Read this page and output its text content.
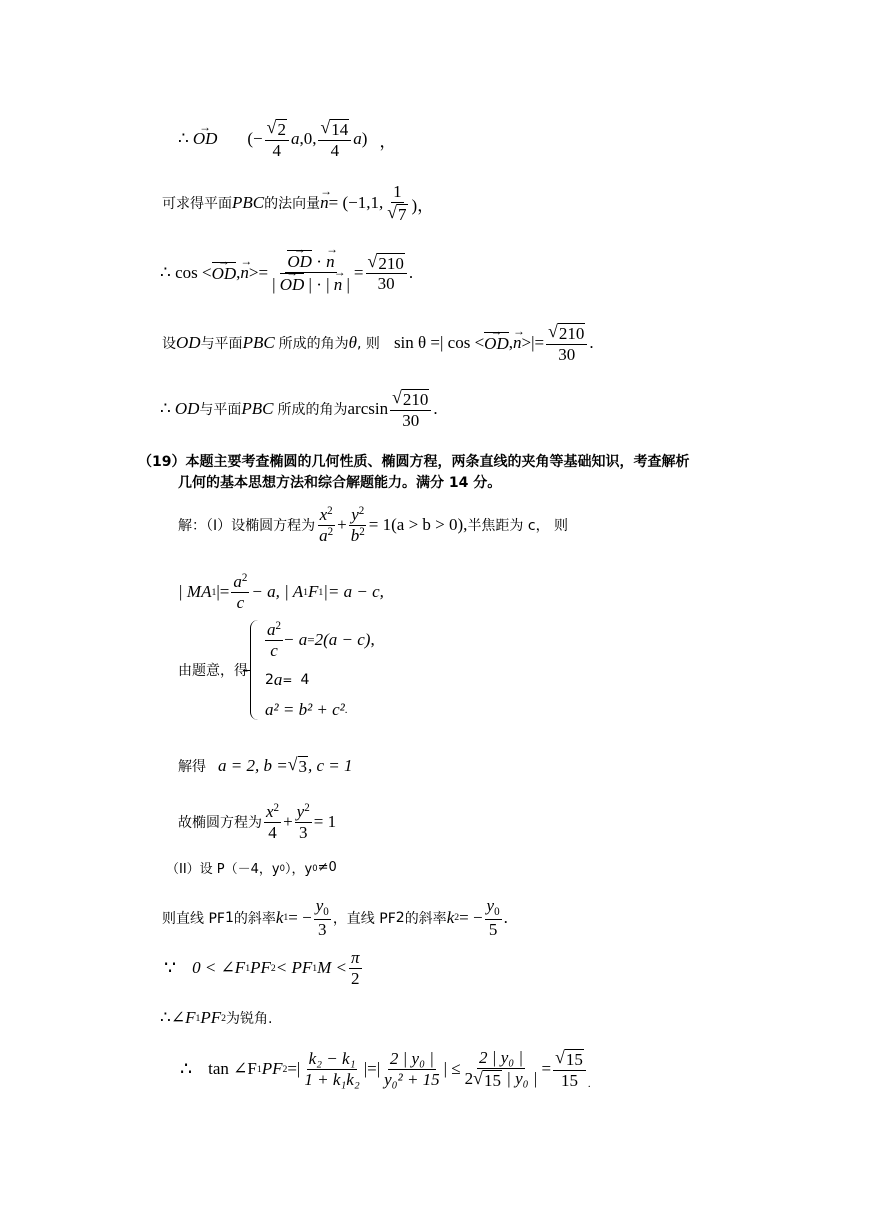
∴ → OD (− $\frac{√ 2}{4}$ a ,0, $\frac{√ 14}{4}$ a ) ，
可求得平面 PBC 的法向量 → n = (−1,1, $\frac{1}{√ 7}$ )，
∴ cos < → OD , → n >= → $\frac{OD \cdot \to n}{| \to OD | \cdot | \to n |} = \frac{√ 210}{30}$ .
设 OD 与平面 PBC 所成的角为 θ , 则 sin θ =| cos < → OD , → n >|= $\frac{√ 210}{30}$ .
∴ OD 与平面 PBC 所成的角为 $\arcsin \frac{√ 210}{30}$ .
（19）本题主要考查椭圆的几何性质、椭圆方程，两条直线的夹角等基础知识，考查解析
几何的基本思想方法和综合解题能力。满分 14 分。
解：（Ⅰ）设椭圆方程为 $\frac{x^2}{a^2} + \frac{y^2}{b^2} = 1(a > b > 0)$, 半焦距为 c， 则
| MA 1 |= $\frac{a^2}{c} - a$, | A 1 F 1 |= a − c,
由题意，得
$\frac{a^2}{c} - a = 2(a - c)$ ,
2 a = 4
a² = b² + c² .
解得 a = 2, b = √ 3 , c = 1
故椭圆方程为 $\frac{x^2}{4} + \frac{y^2}{3} = 1$
（II）设 P（－4，y 0 ），y 0 ≠0
则直线 PF 1 的斜率 k 1 = − $\frac{y_0}{3}$ ，直线 PF 2 的斜率 k 2 = − $\frac{y_0}{5}$ .
∵ 0 < ∠F 1 PF 2 < PF 1 $M < \frac{\pi}{2}$
∴ ∠F 1 PF 2 为锐角.
∴ tan ∠F 1 PF 2 =| $\frac{\text{k₂ − k₁}}{\text{1 + k₁k₂}}$ |=| $\frac{\text{2 | y₀ |}}{\text{y₀² + 15}}$ | ≤ $\frac{\text{2 | y₀ |}}{\text{2 √ 15 | y₀ |}} = \frac{√ 15}{15}$ .
